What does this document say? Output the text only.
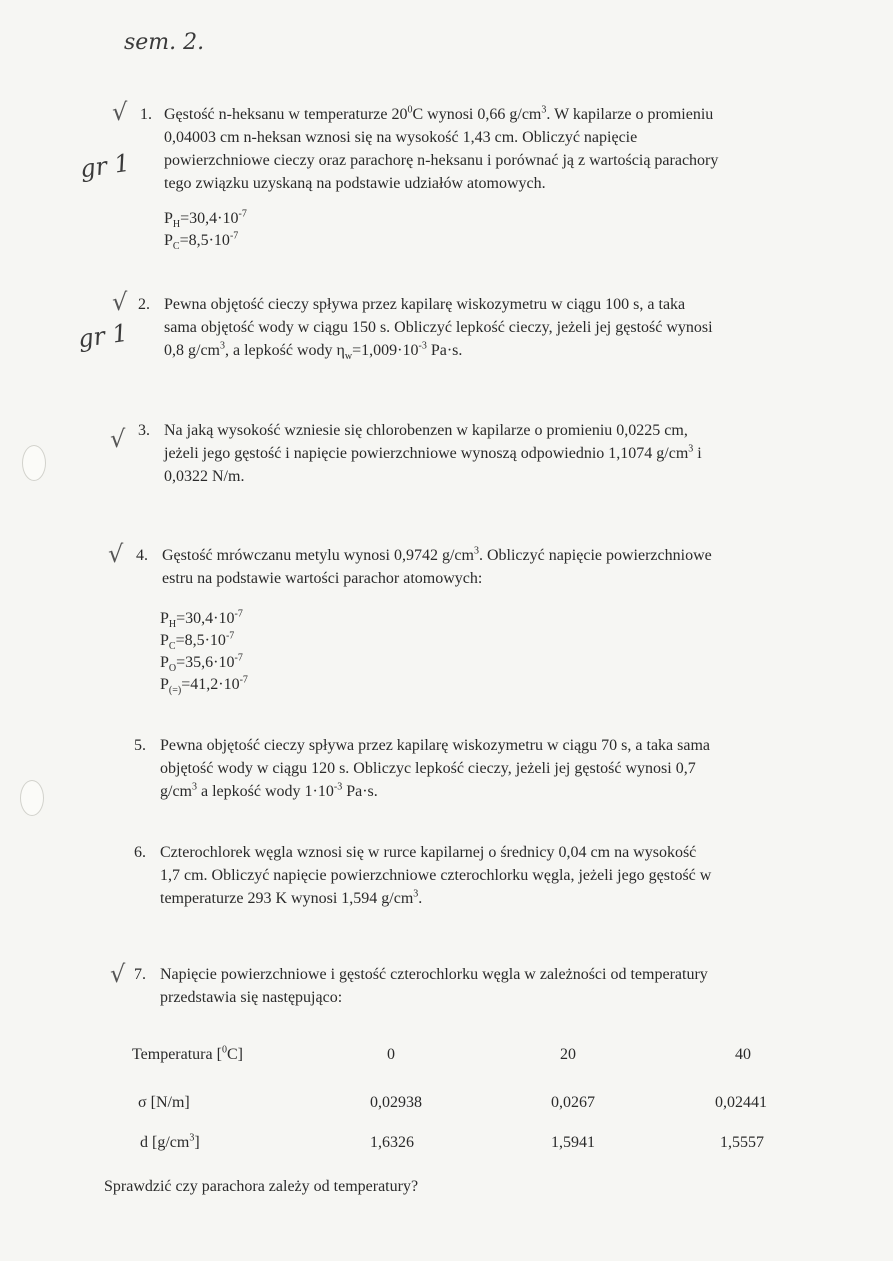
sem. 2.
√
√
√
√
√
gr 1
gr 1
1. Gęstość n-heksanu w temperaturze $20^0C$ wynosi 0,66 $g/cm^3$. W kapilarze o promieniu
0,04003 cm n-heksan wznosi się na wysokość 1,43 cm. Obliczyć napięcie
powierzchniowe cieczy oraz parachorę n-heksanu i porównać ją z wartością parachory
tego związku uzyskaną na podstawie udziałów atomowych.
$P_H=30,4\cdot 10^{-7}$
$P_C=8,5\cdot 10^{-7}$
2. Pewna objętość cieczy spływa przez kapilarę wiskozymetru w ciągu 100 s, a taka
sama objętość wody w ciągu 150 s. Obliczyć lepkość cieczy, jeżeli jej gęstość wynosi
0,8 $g/cm^3$, a lepkość wody $\eta_w=1,009\cdot 10^{-3}$ Pa·s.
3. Na jaką wysokość wzniesie się chlorobenzen w kapilarze o promieniu 0,0225 cm,
jeżeli jego gęstość i napięcie powierzchniowe wynoszą odpowiednio 1,1074 $g/cm^3$ i
0,0322 N/m.
4. Gęstość mrówczanu metylu wynosi 0,9742 $g/cm^3$. Obliczyć napięcie powierzchniowe
estru na podstawie wartości parachor atomowych:
$P_H=30,4\cdot 10^{-7}$
$P_C=8,5\cdot 10^{-7}$
$P_O=35,6\cdot 10^{-7}$
$P_{(=)}=41,2\cdot 10^{-7}$
5. Pewna objętość cieczy spływa przez kapilarę wiskozymetru w ciągu 70 s, a taka sama
objętość wody w ciągu 120 s. Obliczyc lepkość cieczy, jeżeli jej gęstość wynosi 0,7
$g/cm^3$ a lepkość wody $1\cdot 10^{-3}$ Pa·s.
6. Czterochlorek węgla wznosi się w rurce kapilarnej o średnicy 0,04 cm na wysokość
1,7 cm. Obliczyć napięcie powierzchniowe czterochlorku węgla, jeżeli jego gęstość w
temperaturze 293 K wynosi 1,594 $g/cm^3$.
7. Napięcie powierzchniowe i gęstość czterochlorku węgla w zależności od temperatury
przedstawia się następująco:
Temperatura [$^0$C]	0	20	40
σ [N/m]	0,02938	0,0267	0,02441
d $[g/cm^3]$	1,6326	1,5941	1,5557
Sprawdzić czy parachora zależy od temperatury?
